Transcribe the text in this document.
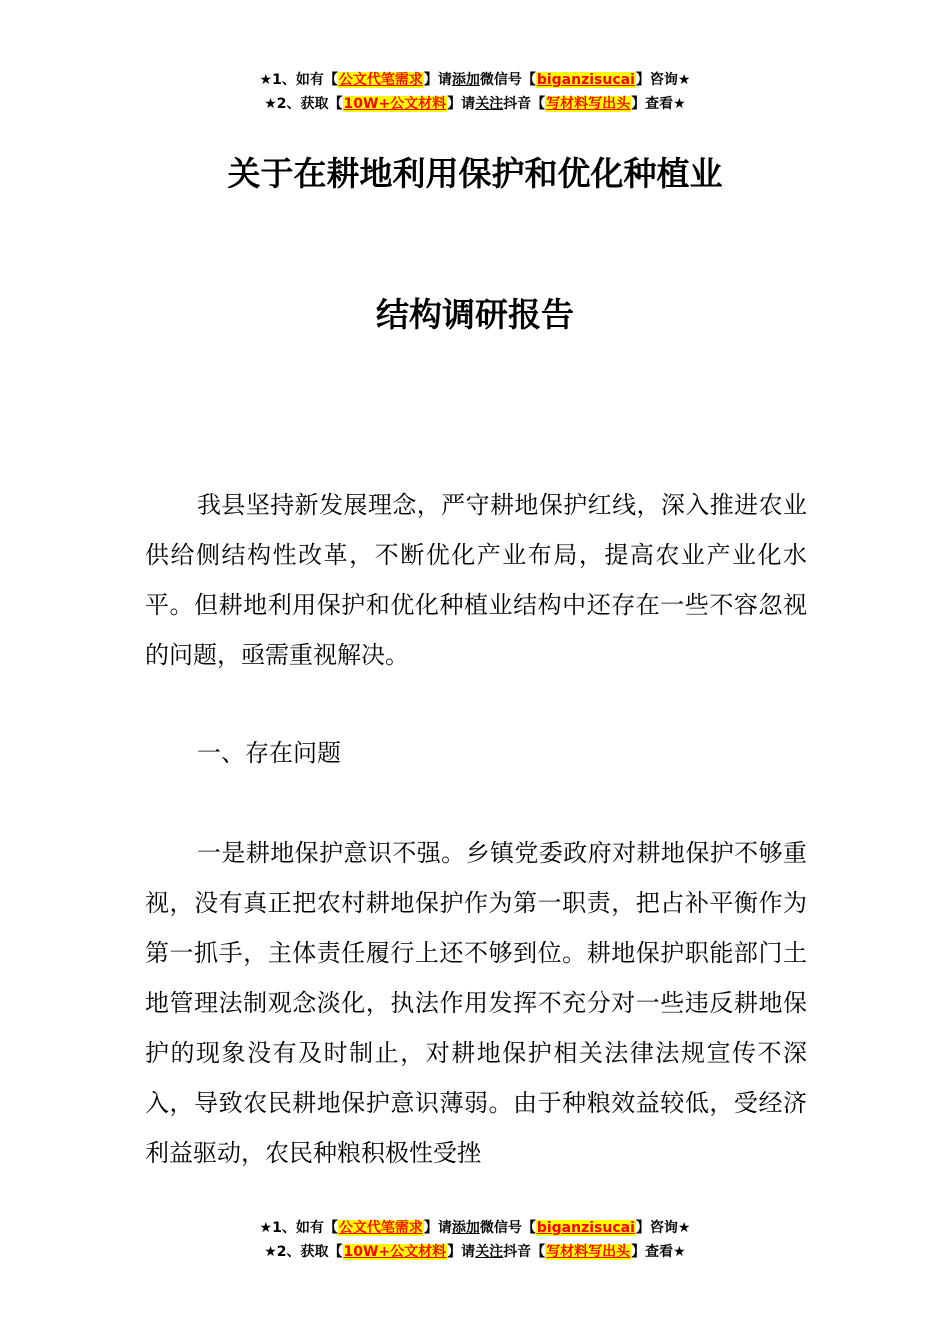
★1、如有【公文代笔需求】请添加微信号【biganzisucai】咨询★
★2、获取【10W+公文材料】请关注抖音【写材料写出头】查看★
关于在耕地利用保护和优化种植业
结构调研报告

我县坚持新发展理念，严守耕地保护红线，深入推进农业供给侧结构性改革，不断优化产业布局，提高农业产业化水平。但耕地利用保护和优化种植业结构中还存在一些不容忽视的问题，亟需重视解决。

一、存在问题

一是耕地保护意识不强。乡镇党委政府对耕地保护不够重视，没有真正把农村耕地保护作为第一职责，把占补平衡作为第一抓手，主体责任履行上还不够到位。耕地保护职能部门土地管理法制观念淡化，执法作用发挥不充分对一些违反耕地保护的现象没有及时制止，对耕地保护相关法律法规宣传不深入，导致农民耕地保护意识薄弱。由于种粮效益较低，受经济利益驱动，农民种粮积极性受挫

★1、如有【公文代笔需求】请添加微信号【biganzisucai】咨询★
★2、获取【10W+公文材料】请关注抖音【写材料写出头】查看★
